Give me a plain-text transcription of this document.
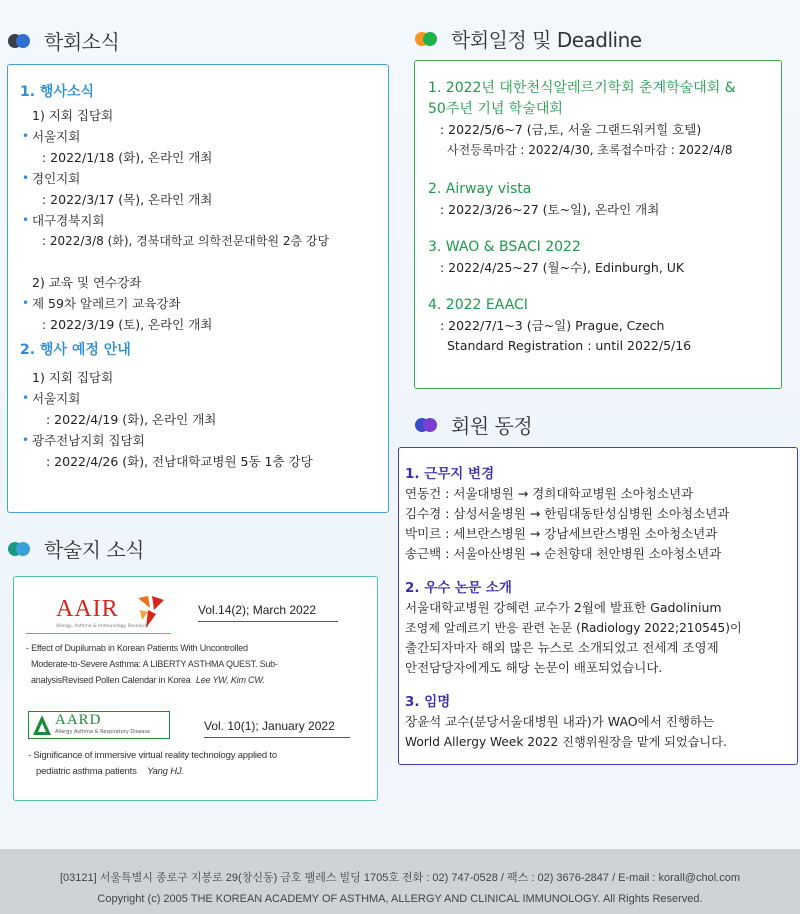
학회소식
1. 행사소식
1) 지회 집담회
• 서울지회
: 2022/1/18 (화), 온라인 개최
• 경인지회
: 2022/3/17 (목), 온라인 개최
• 대구경북지회
: 2022/3/8 (화), 경북대학교 의학전문대학원 2층 강당
2) 교육 및 연수강좌
• 제 59차 알레르기 교육강좌
: 2022/3/19 (토), 온라인 개최
2. 행사 예정 안내
1) 지회 집담회
• 서울지회
: 2022/4/19 (화), 온라인 개최
• 광주전남지회 집담회
: 2022/4/26 (화), 전남대학교병원 5동 1층 강당
학술지 소식
AAIR
Allergy, Asthma & Immunology Research
Vol.14(2); March 2022
- Effect of Dupilumab in Korean Patients With Uncontrolled
Moderate-to-Severe Asthma: A LIBERTY ASTHMA QUEST. Sub-
analysisRevised Pollen Calendar in Korea Lee YW, Kim CW.
AARD
Allergy Asthma & Respiratory Disease	Vol. 10(1); January 2022
- Significance of immersive virtual reality technology applied to
pediatric asthma patients Yang HJ.
학회일정 및 Deadline
1. 2022년 대한천식알레르기학회 춘계학술대회 &
50주년 기념 학술대회
: 2022/5/6~7 (금,토, 서울 그랜드워커힐 호텔)
사전등록마감 : 2022/4/30, 초록접수마감 : 2022/4/8
2. Airway vista
: 2022/3/26~27 (토~일), 온라인 개최
3. WAO & BSACI 2022
: 2022/4/25~27 (월~수), Edinburgh, UK
4. 2022 EAACI
: 2022/7/1~3 (금~일) Prague, Czech
Standard Registration : until 2022/5/16
회원 동정
1. 근무지 변경
연동건 : 서울대병원 → 경희대학교병원 소아청소년과
김수경 : 삼성서울병원 → 한림대동탄성심병원 소아청소년과
박미르 : 세브란스병원 → 강남세브란스병원 소아청소년과
송근백 : 서울아산병원 → 순천향대 천안병원 소아청소년과
2. 우수 논문 소개
서울대학교병원 강혜련 교수가 2월에 발표한 Gadolinium
조영제 알레르기 반응 관련 논문 (Radiology 2022;210545)이
출간되자마자 해외 많은 뉴스로 소개되었고 전세계 조영제
안전담당자에게도 해당 논문이 배포되었습니다.
3. 임명
장윤석 교수(분당서울대병원 내과)가 WAO에서 진행하는
World Allergy Week 2022 진행위원장을 맡게 되었습니다.
[03121] 서울특별시 종로구 지봉로 29(창신동) 금호 팰레스 빌딩 1705호 전화 : 02) 747-0528 / 팩스 : 02) 3676-2847 / E-mail : korall@chol.com
Copyright (c) 2005 THE KOREAN ACADEMY OF ASTHMA, ALLERGY AND CLINICAL IMMUNOLOGY. All Rights Reserved.
